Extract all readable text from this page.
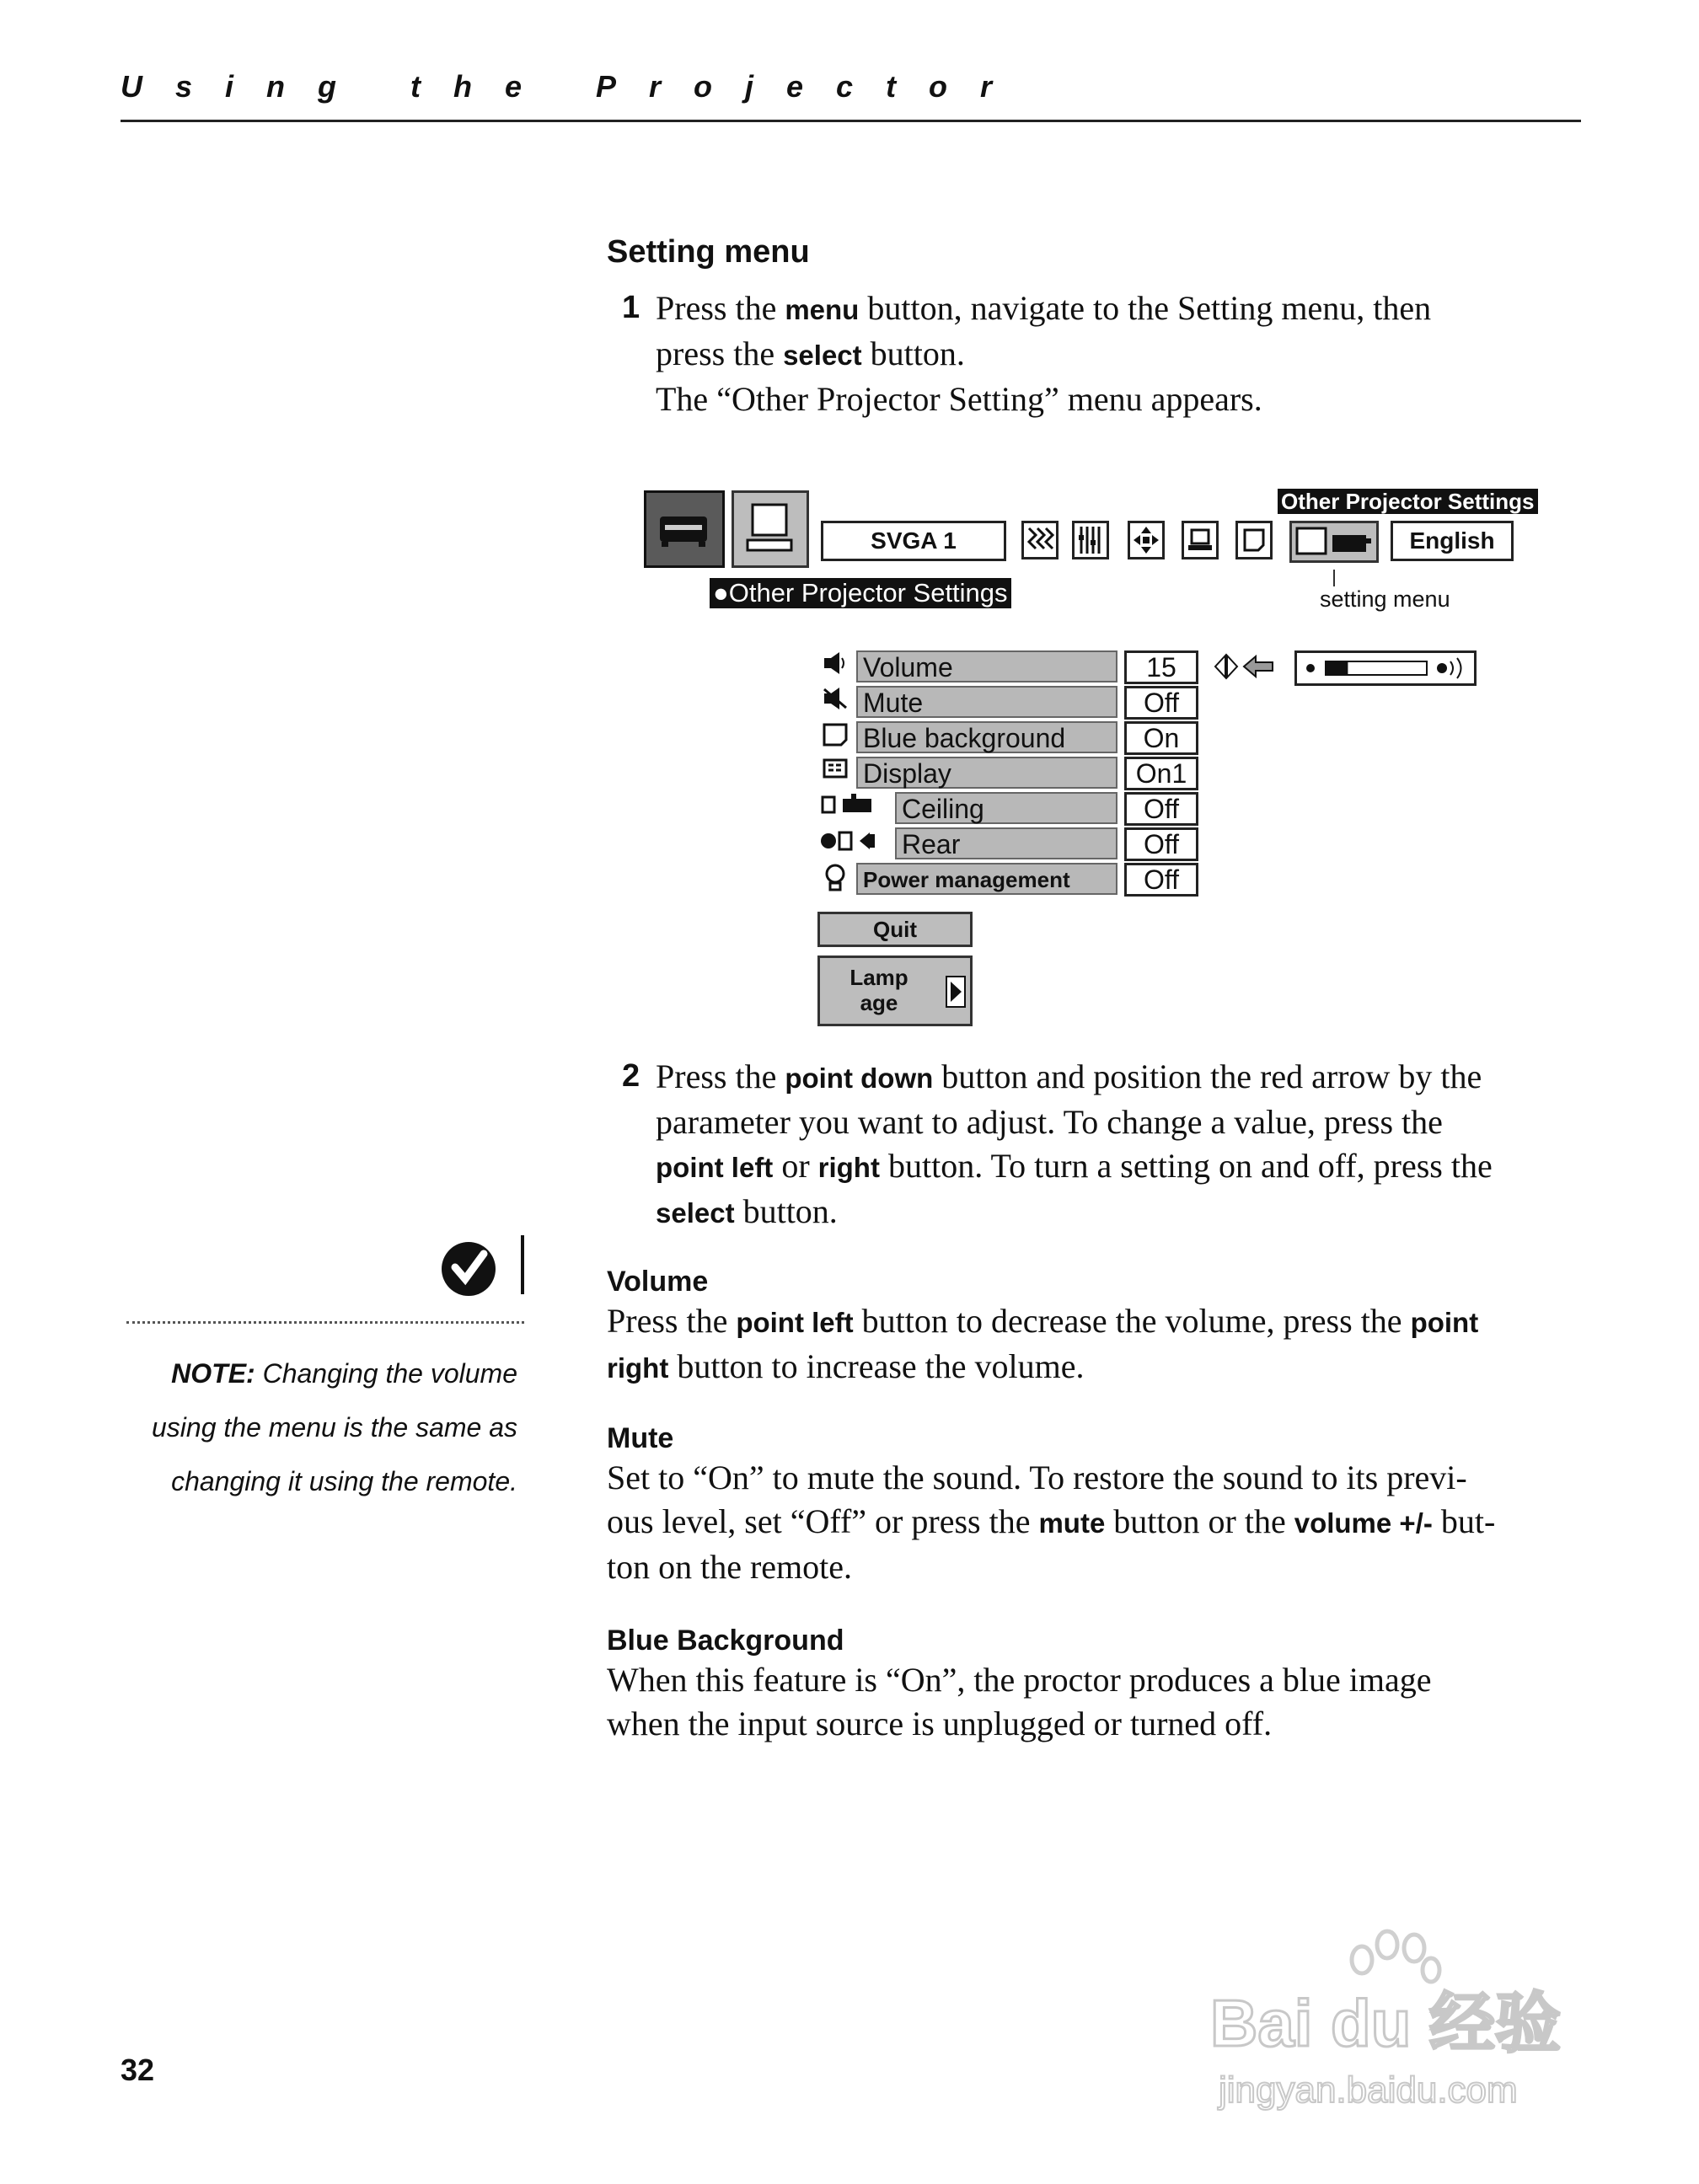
Using the Projector
Setting menu
1 Press the menu button, navigate to the Setting menu, then
press the select button.
The “Other Projector Setting” menu appears.
Other Projector Settings
SVGA 1	English
●Other Projector Settings	setting menu
Volume	15
Mute	Off
Blue background	On
Display	On1
Ceiling	Off
Rear	Off
Power management	Off
Quit
Lamp
age
2 Press the point down button and position the red arrow by the
parameter you want to adjust. To change a value, press the
point left or right button. To turn a setting on and off, press the
select button.
NOTE: Changing the volume
using the menu is the same as
changing it using the remote.
Volume
Press the point left button to decrease the volume, press the point
right button to increase the volume.
Mute
Set to “On” to mute the sound. To restore the sound to its previ-
ous level, set “Off” or press the mute button or the volume +/- but-
ton on the remote.
Blue Background
When this feature is “On”, the proctor produces a blue image
when the input source is unplugged or turned off.
32
Bai du 经验
jingyan.baidu.com
